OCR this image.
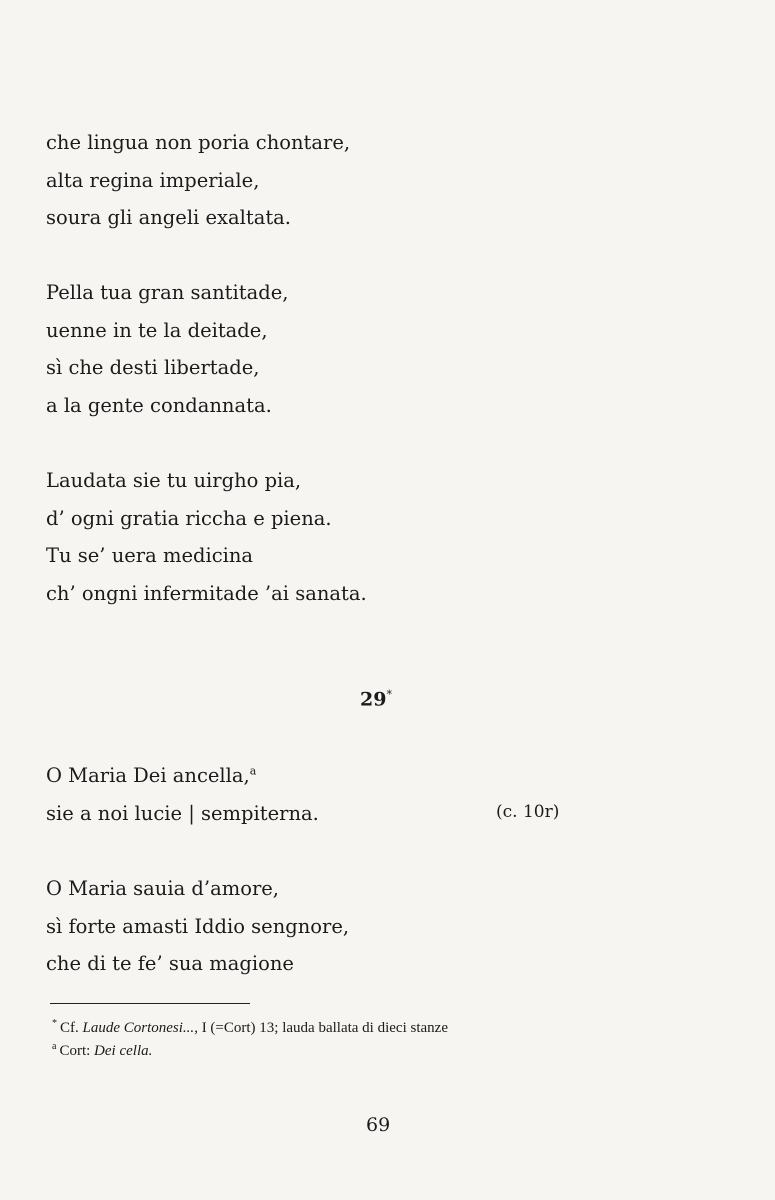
che lingua non poria chontare,
alta regina imperiale,
soura gli angeli exaltata.
Pella tua gran santitade,
uenne in te la deitade,
sì che desti libertade,
a la gente condannata.
Laudata sie tu uirgho pia,
d’ ogni gratia riccha e piena.
Tu se’ uera medicina
ch’ ongni infermitade ’ai sanata.
29*
O Maria Dei ancella,$^a$
sie a noi lucie | sempiterna.	(c. 10r)
O Maria sauia d’amore,
sì forte amasti Iddio sengnore,
che di te fe’ sua magione
* Cf. Laude Cortonesi..., I (=Cort) 13; lauda ballata di dieci stanze
$^a$ Cort: Dei cella.
69
